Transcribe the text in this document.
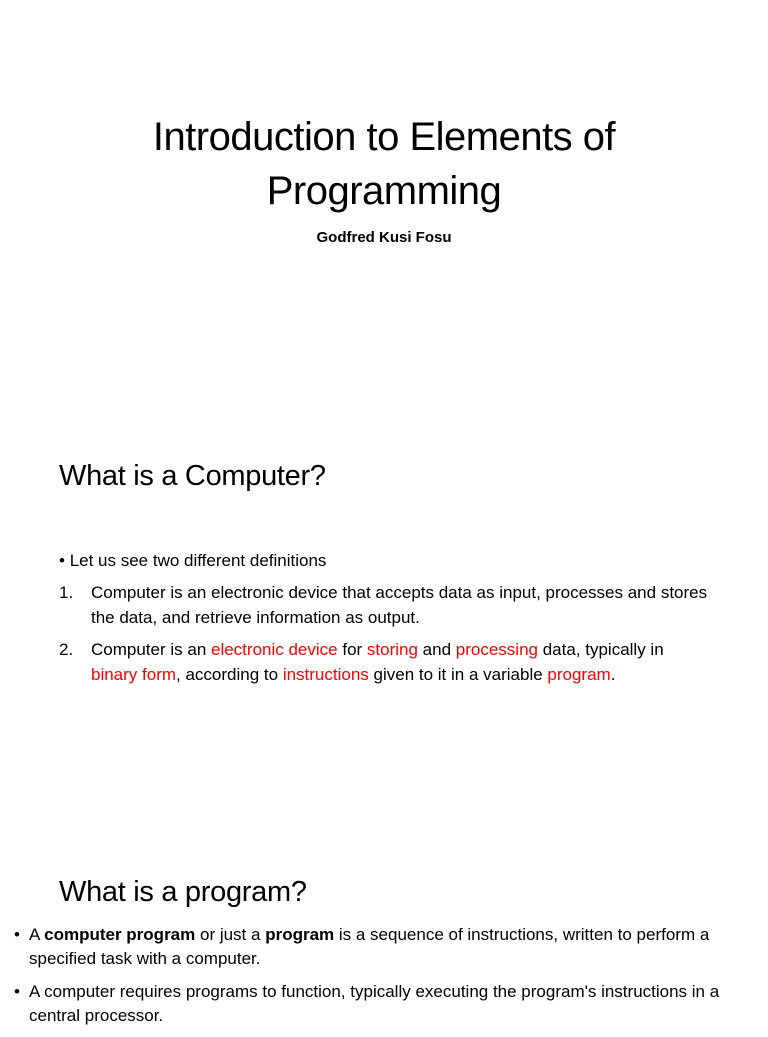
Introduction to Elements of Programming

Godfred Kusi Fosu

What is a Computer?

• Let us see two different definitions

1. Computer is an electronic device that accepts data as input, processes and stores the data, and retrieve information as output.
2. Computer is an electronic device for storing and processing data, typically in binary form, according to instructions given to it in a variable program.
What is a program?
• A computer program or just a program is a sequence of instructions, written to perform a specified task with a computer.
• A computer requires programs to function, typically executing the program's instructions in a central processor.
